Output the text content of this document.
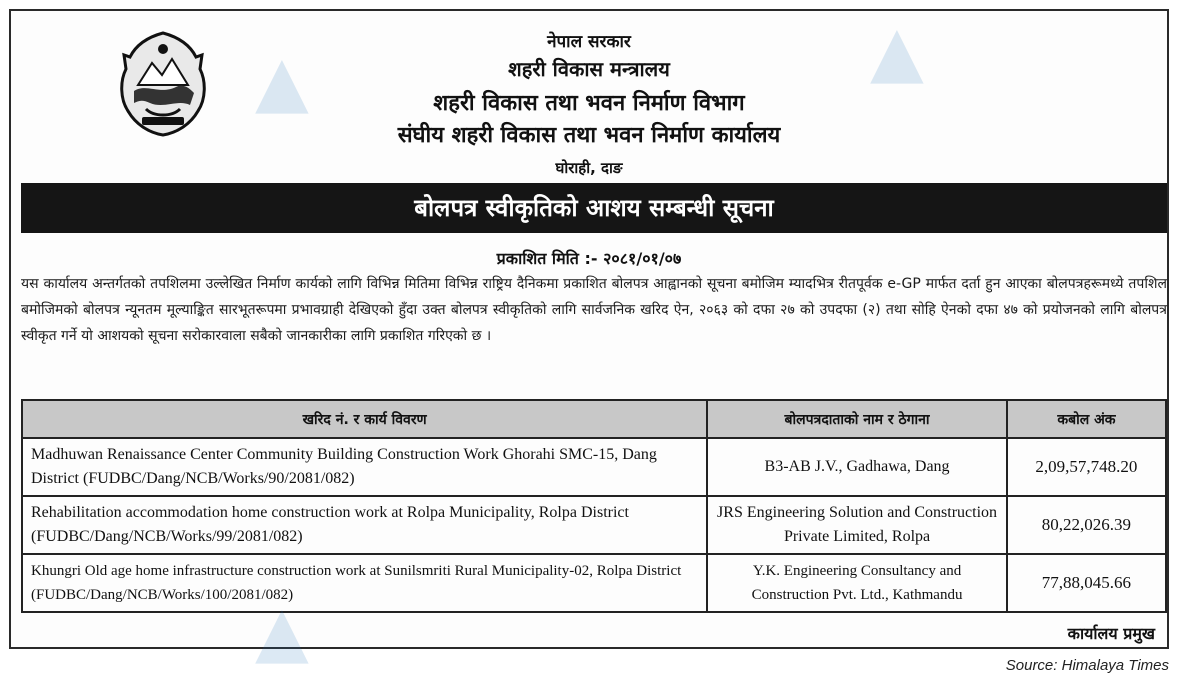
नेपाल सरकार
शहरी विकास मन्त्रालय
शहरी विकास तथा भवन निर्माण विभाग
संघीय शहरी विकास तथा भवन निर्माण कार्यालय
घोराही, दाङ
बोलपत्र स्वीकृतिको आशय सम्बन्धी सूचना
प्रकाशित मिति :- २०८१/०१/०७
यस कार्यालय अन्तर्गतको तपशिलमा उल्लेखित निर्माण कार्यको लागि विभिन्न मितिमा विभिन्न राष्ट्रिय दैनिकमा प्रकाशित बोलपत्र आह्वानको सूचना बमोजिम म्यादभित्र रीतपूर्वक e-GP मार्फत दर्ता हुन आएका बोलपत्रहरूमध्ये तपशिल बमोजिमको बोलपत्र न्यूनतम मूल्याङ्कित सारभूतरूपमा प्रभावग्राही देखिएको हुँदा उक्त बोलपत्र स्वीकृतिको लागि सार्वजनिक खरिद ऐन, २०६३ को दफा २७ को उपदफा (२) तथा सोहि ऐनको दफा ४७ को प्रयोजनको लागि बोलपत्र स्वीकृत गर्ने यो आशयको सूचना सरोकारवाला सबैको जानकारीका लागि प्रकाशित गरिएको छ ।
खरिद नं. र कार्य विवरण	बोलपत्रदाताको नाम र ठेगाना	कबोल अंक
Madhuwan Renaissance Center Community Building Construction Work Ghorahi SMC-15, Dang District (FUDBC/Dang/NCB/Works/90/2081/082)	B3-AB J.V., Gadhawa, Dang	2,09,57,748.20
Rehabilitation accommodation home construction work at Rolpa Municipality, Rolpa District (FUDBC/Dang/NCB/Works/99/2081/082)	JRS Engineering Solution and Construction Private Limited, Rolpa	80,22,026.39
Khungri Old age home infrastructure construction work at Sunilsmriti Rural Municipality-02, Rolpa District (FUDBC/Dang/NCB/Works/100/2081/082)	Y.K. Engineering Consultancy and Construction Pvt. Ltd., Kathmandu	77,88,045.66
कार्यालय प्रमुख
Source: Himalaya Times
